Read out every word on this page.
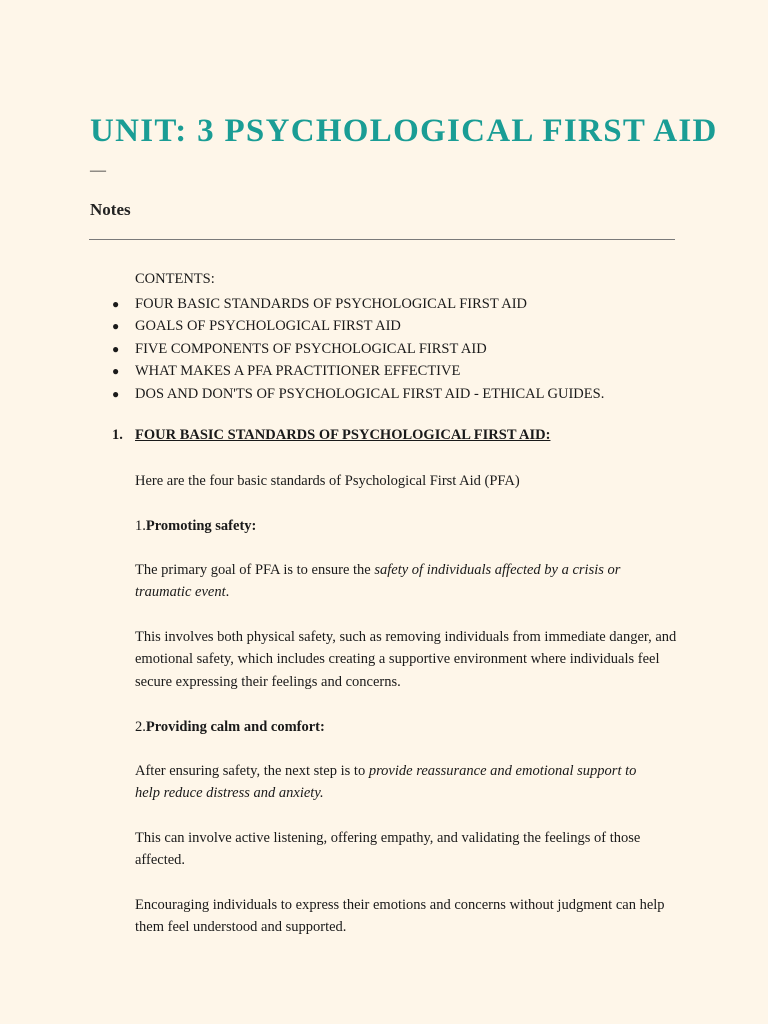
UNIT: 3 PSYCHOLOGICAL FIRST AID
—
Notes
CONTENTS:
● FOUR BASIC STANDARDS OF PSYCHOLOGICAL FIRST AID
● GOALS OF PSYCHOLOGICAL FIRST AID
● FIVE COMPONENTS OF PSYCHOLOGICAL FIRST AID
● WHAT MAKES A PFA PRACTITIONER EFFECTIVE
● DOS AND DON'TS OF PSYCHOLOGICAL FIRST AID - ETHICAL GUIDES.
1. FOUR BASIC STANDARDS OF PSYCHOLOGICAL FIRST AID:

Here are the four basic standards of Psychological First Aid (PFA)

1.Promoting safety:

The primary goal of PFA is to ensure the safety of individuals affected by a crisis or traumatic event.

This involves both physical safety, such as removing individuals from immediate danger, and emotional safety, which includes creating a supportive environment where individuals feel secure expressing their feelings and concerns.

2.Providing calm and comfort:

After ensuring safety, the next step is to provide reassurance and emotional support to help reduce distress and anxiety.

This can involve active listening, offering empathy, and validating the feelings of those affected.

Encouraging individuals to express their emotions and concerns without judgment can help them feel understood and supported.
